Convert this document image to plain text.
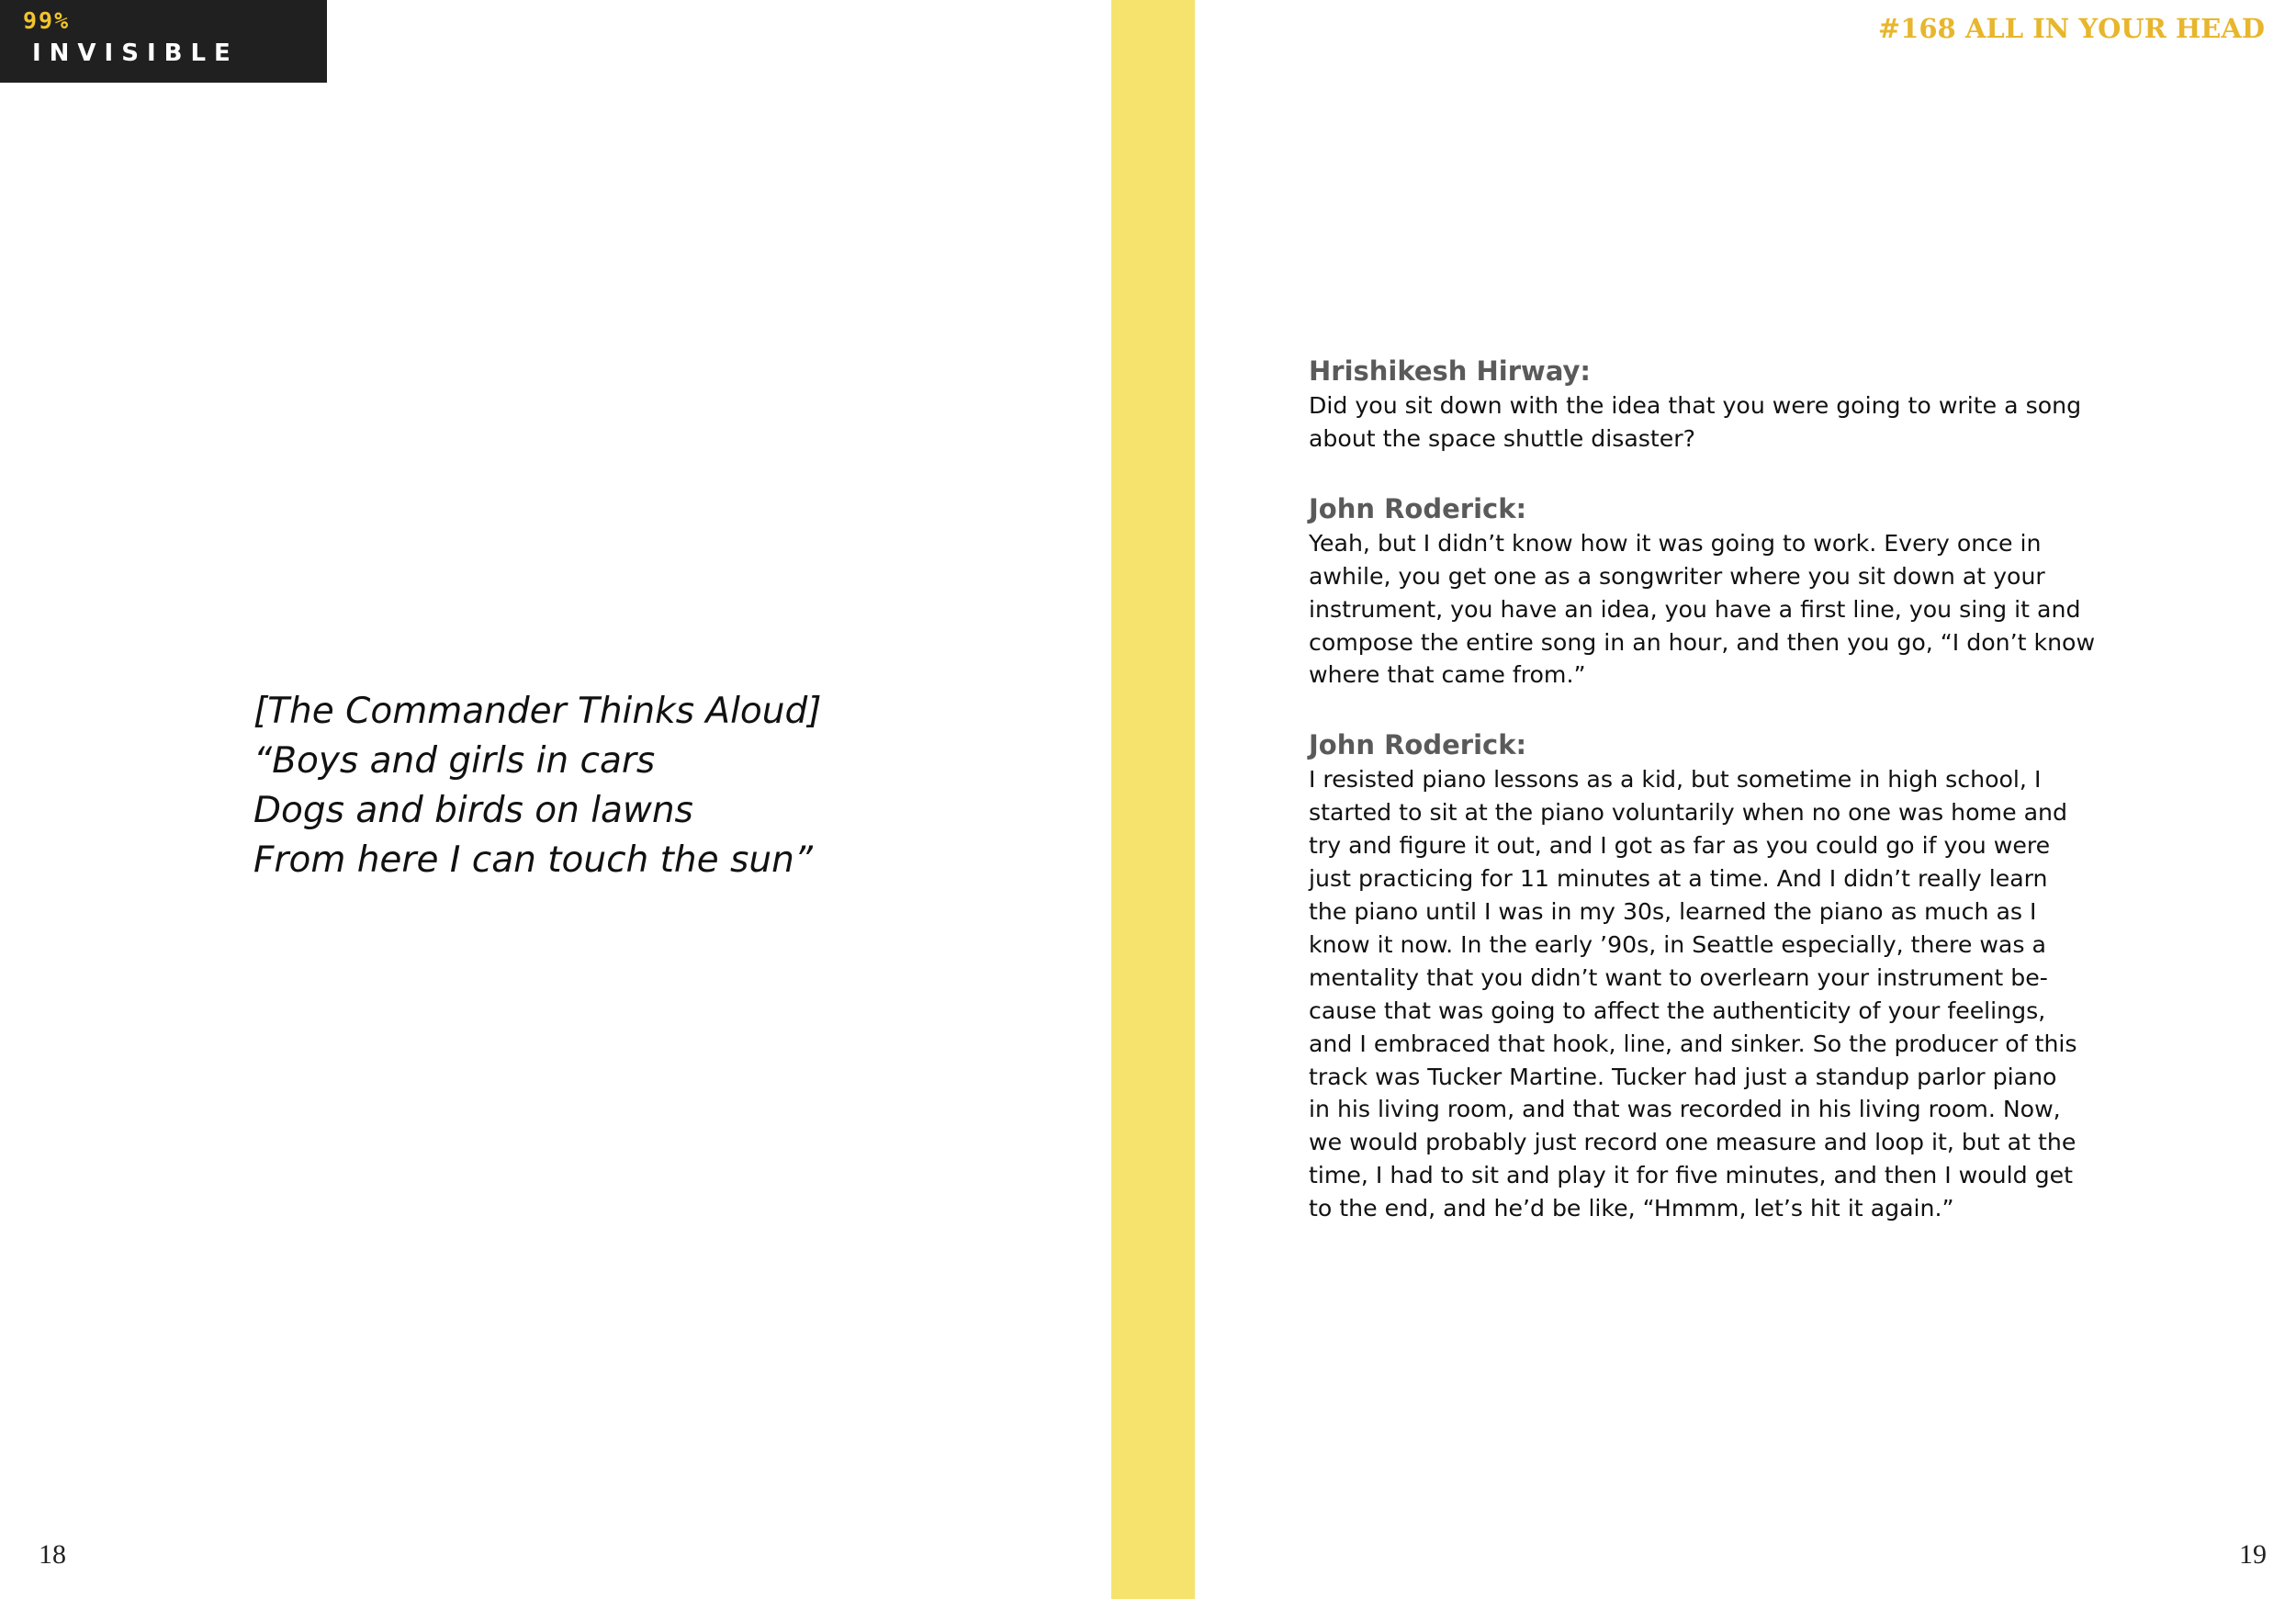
99%
INVISIBLE
[The Commander Thinks Aloud]
“Boys and girls in cars
Dogs and birds on lawns
From here I can touch the sun”
18
#168 ALL IN YOUR HEAD

Hrishikesh Hirway:

Did you sit down with the idea that you were going to write a song
about the space shuttle disaster?

John Roderick:

Yeah, but I didn’t know how it was going to work. Every once in
awhile, you get one as a songwriter where you sit down at your
instrument, you have an idea, you have a first line, you sing it and
compose the entire song in an hour, and then you go, “I don’t know
where that came from.”

John Roderick:

I resisted piano lessons as a kid, but sometime in high school, I
started to sit at the piano voluntarily when no one was home and
try and figure it out, and I got as far as you could go if you were
just practicing for 11 minutes at a time. And I didn’t really learn
the piano until I was in my 30s, learned the piano as much as I
know it now. In the early ’90s, in Seattle especially, there was a
mentality that you didn’t want to overlearn your instrument be-
cause that was going to affect the authenticity of your feelings,
and I embraced that hook, line, and sinker. So the producer of this
track was Tucker Martine. Tucker had just a standup parlor piano
in his living room, and that was recorded in his living room. Now,
we would probably just record one measure and loop it, but at the
time, I had to sit and play it for five minutes, and then I would get
to the end, and he’d be like, “Hmmm, let’s hit it again.”
19
